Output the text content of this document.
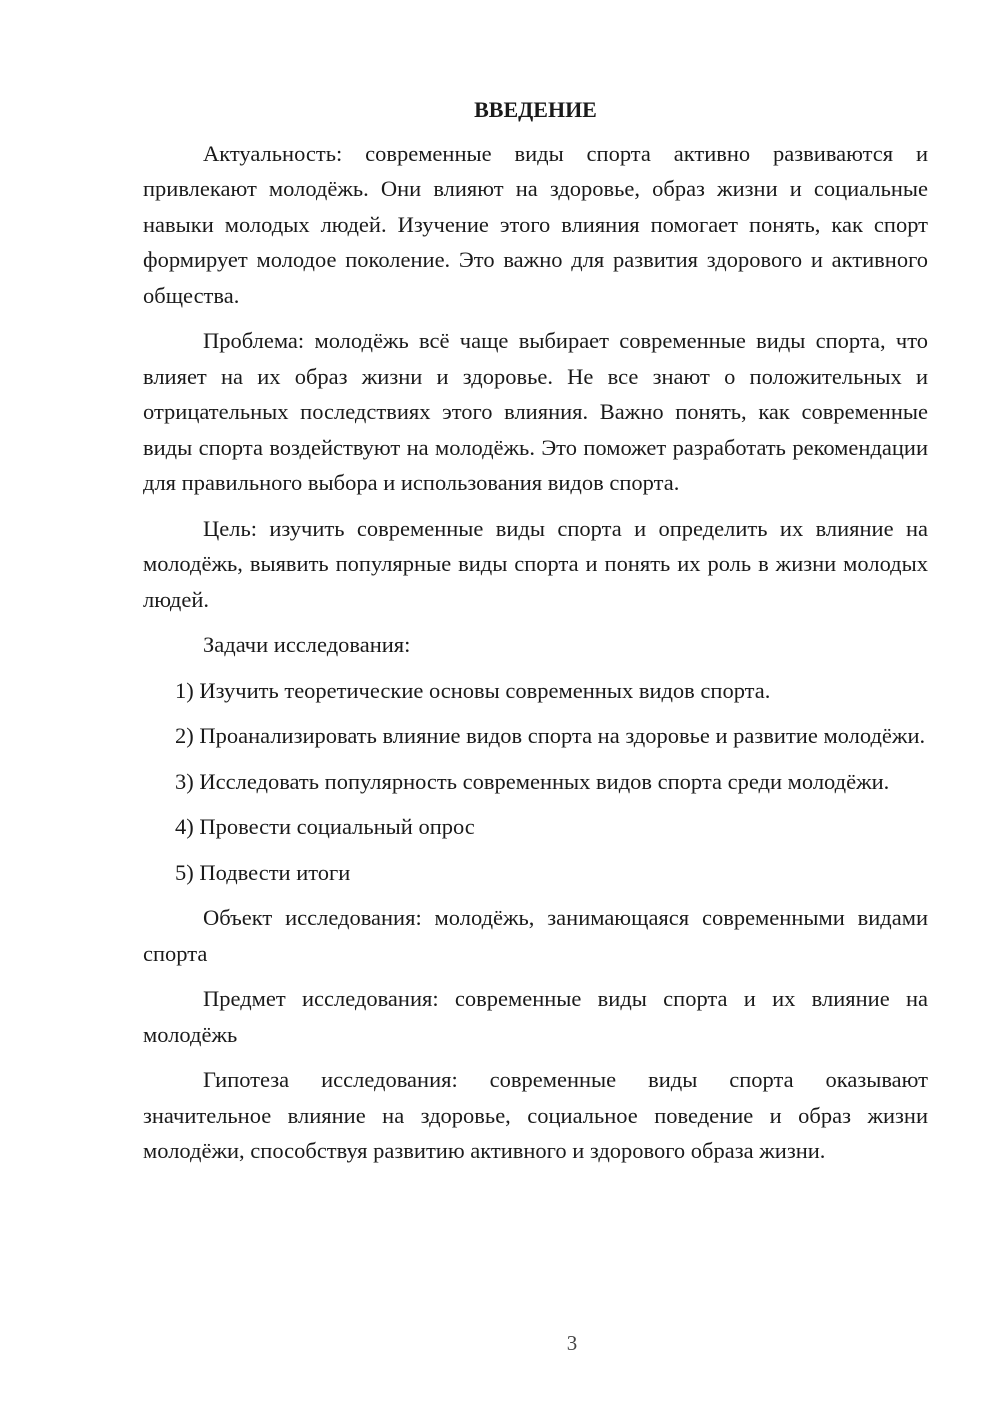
ВВЕДЕНИЕ

Актуальность: современные виды спорта активно развиваются и привлекают молодёжь. Они влияют на здоровье, образ жизни и социальные навыки молодых людей. Изучение этого влияния помогает понять, как спорт формирует молодое поколение. Это важно для развития здорового и активного общества.

Проблема: молодёжь всё чаще выбирает современные виды спорта, что влияет на их образ жизни и здоровье. Не все знают о положительных и отрицательных последствиях этого влияния. Важно понять, как современные виды спорта воздействуют на молодёжь. Это поможет разработать рекомендации для правильного выбора и использования видов спорта.

Цель: изучить современные виды спорта и определить их влияние на молодёжь, выявить популярные виды спорта и понять их роль в жизни молодых людей.

Задачи исследования:

1) Изучить теоретические основы современных видов спорта.

2) Проанализировать влияние видов спорта на здоровье и развитие молодёжи.

3) Исследовать популярность современных видов спорта среди молодёжи.

4) Провести социальный опрос

5) Подвести итоги

Объект исследования: молодёжь, занимающаяся современными видами спорта

Предмет исследования: современные виды спорта и их влияние на молодёжь

Гипотеза исследования: современные виды спорта оказывают значительное влияние на здоровье, социальное поведение и образ жизни молодёжи, способствуя развитию активного и здорового образа жизни.

3
